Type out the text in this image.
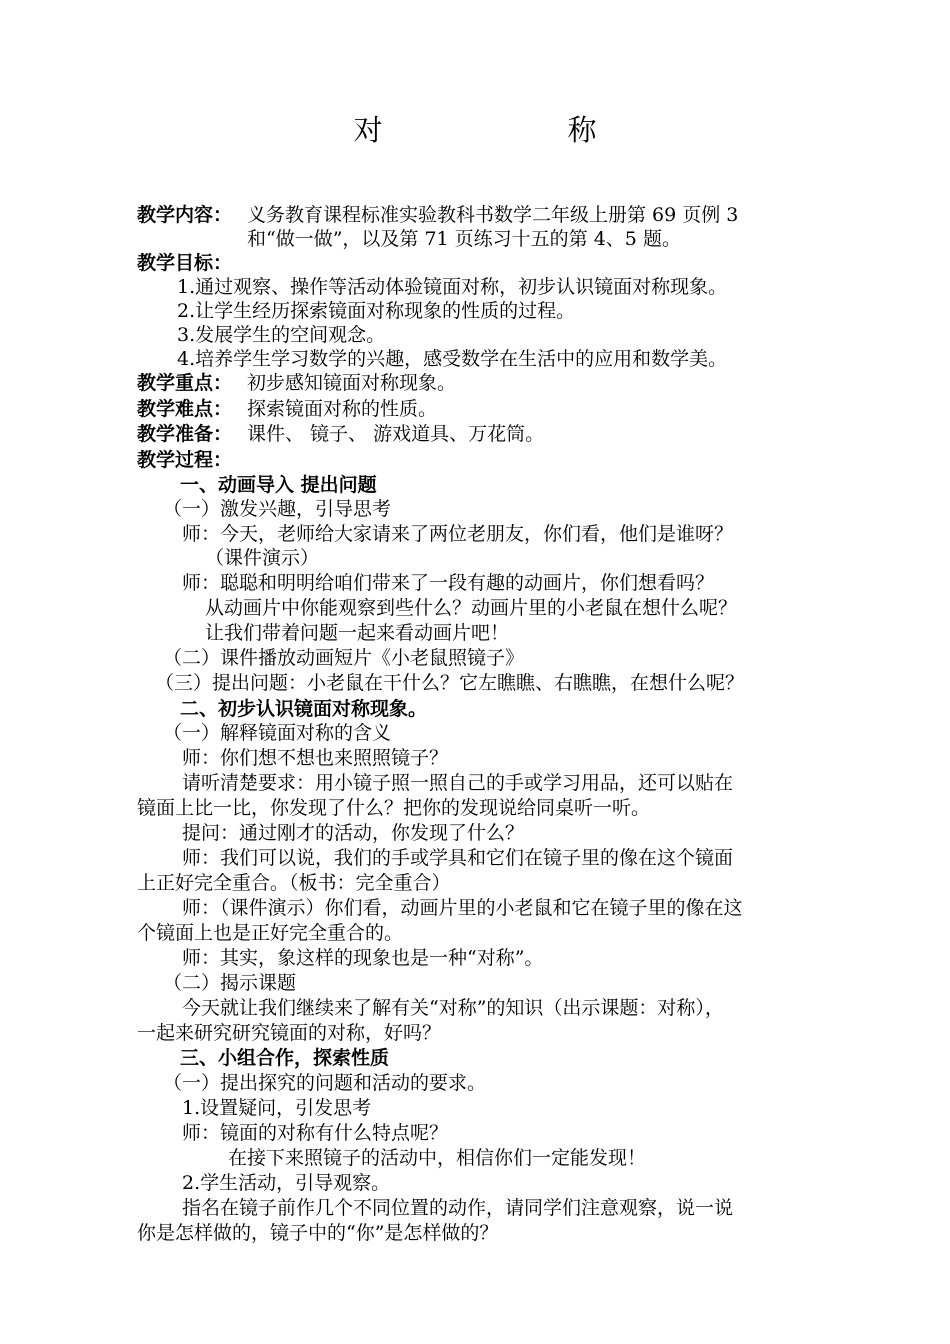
对　称
教学内容： 义务教育课程标准实验教科书数学二年级上册第 69 页例 3
和“做一做”，以及第 71 页练习十五的第 4、5 题。
教学目标：
1.通过观察、操作等活动体验镜面对称，初步认识镜面对称现象。
2.让学生经历探索镜面对称现象的性质的过程。
3.发展学生的空间观念。
4.培养学生学习数学的兴趣，感受数学在生活中的应用和数学美。
教学重点： 初步感知镜面对称现象。
教学难点： 探索镜面对称的性质。
教学准备： 课件、 镜子、 游戏道具、万花筒。
教学过程：
一、动画导入 提出问题
（一）激发兴趣，引导思考
师：今天，老师给大家请来了两位老朋友，你们看，他们是谁呀？
（课件演示）
师：聪聪和明明给咱们带来了一段有趣的动画片，你们想看吗？
从动画片中你能观察到些什么？动画片里的小老鼠在想什么呢？
让我们带着问题一起来看动画片吧！
（二）课件播放动画短片《小老鼠照镜子》
（三）提出问题：小老鼠在干什么？它左瞧瞧、右瞧瞧，在想什么呢？
二、初步认识镜面对称现象。
（一）解释镜面对称的含义
师：你们想不想也来照照镜子？
请听清楚要求：用小镜子照一照自己的手或学习用品，还可以贴在
镜面上比一比，你发现了什么？把你的发现说给同桌听一听。
提问：通过刚才的活动，你发现了什么？
师：我们可以说，我们的手或学具和它们在镜子里的像在这个镜面
上正好完全重合。（板书：完全重合）
师：（课件演示）你们看，动画片里的小老鼠和它在镜子里的像在这
个镜面上也是正好完全重合的。
师：其实，象这样的现象也是一种“对称”。
（二）揭示课题
今天就让我们继续来了解有关“对称”的知识（出示课题：对称），
一起来研究研究镜面的对称，好吗？
三、小组合作，探索性质
（一）提出探究的问题和活动的要求。
1.设置疑问，引发思考
师：镜面的对称有什么特点呢？
在接下来照镜子的活动中，相信你们一定能发现！
2.学生活动，引导观察。
指名在镜子前作几个不同位置的动作，请同学们注意观察，说一说
你是怎样做的，镜子中的“你”是怎样做的？
